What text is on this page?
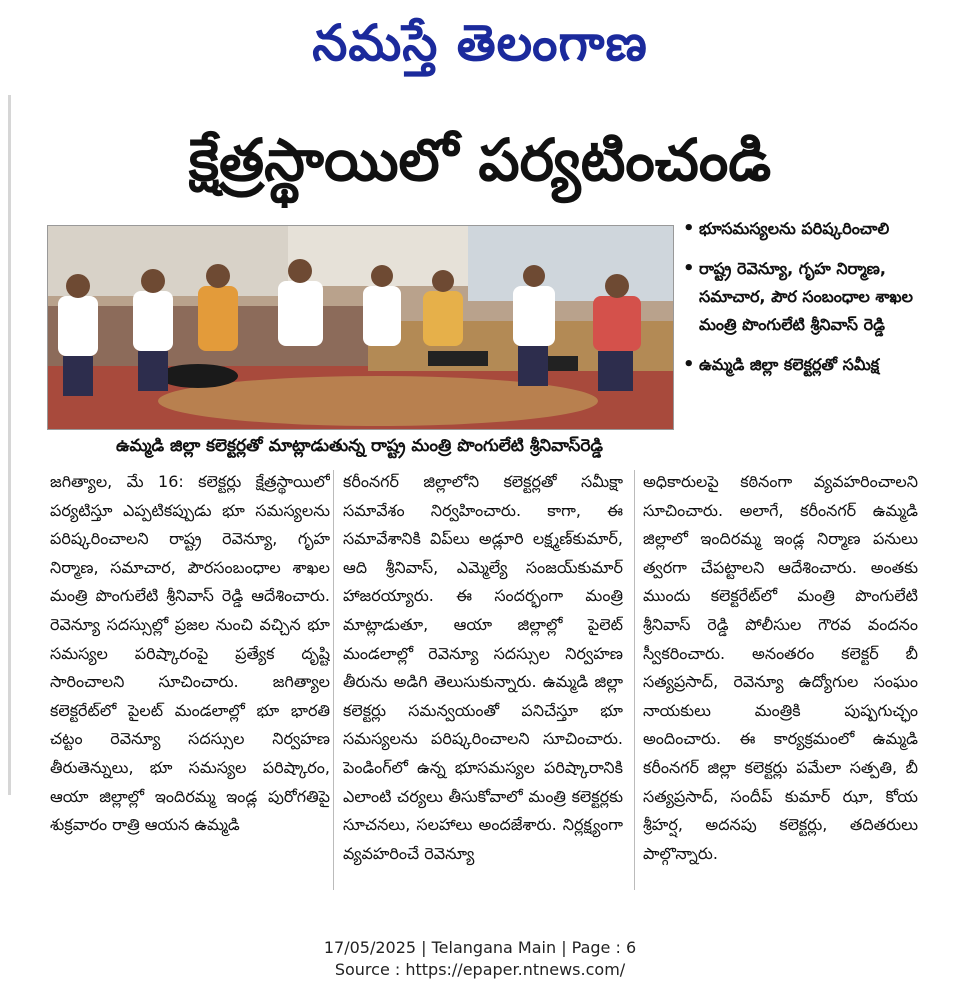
నమస్తే తెలంగాణ
క్షేత్రస్థాయిలో పర్యటించండి
ఉమ్మడి జిల్లా కలెక్టర్లతో మాట్లాడుతున్న రాష్ట్ర మంత్రి పొంగులేటి శ్రీనివాస్‌రెడ్డి
• భూసమస్యలను పరిష్కరించాలి
• రాష్ట్ర రెవెన్యూ, గృహ నిర్మాణ, సమాచార, పౌర సంబంధాల శాఖల మంత్రి పొంగులేటి శ్రీనివాస్ రెడ్డి
• ఉమ్మడి జిల్లా కలెక్టర్లతో సమీక్ష
జగిత్యాల, మే 16: కలెక్టర్లు క్షేత్రస్థాయిలో పర్యటిస్తూ ఎప్పటికప్పుడు భూ సమస్యలను పరిష్కరించాలని రాష్ట్ర రెవెన్యూ, గృహ నిర్మాణ, సమాచార, పౌరసంబంధాల శాఖల మంత్రి పొంగులేటి శ్రీనివాస్ రెడ్డి ఆదేశించారు. రెవెన్యూ సదస్సుల్లో ప్రజల నుంచి వచ్చిన భూ సమస్యల పరిష్కారంపై ప్రత్యేక దృష్టి సారించాలని సూచించారు. జగిత్యాల కలెక్టరేట్‌లో పైలట్ మండలాల్లో భూ భారతి చట్టం రెవెన్యూ సదస్సుల నిర్వహణ తీరుతెన్నులు, భూ సమస్యల పరిష్కారం, ఆయా జిల్లాల్లో ఇందిరమ్మ ఇండ్ల పురోగతిపై శుక్రవారం రాత్రి ఆయన ఉమ్మడి
కరీంనగర్ జిల్లాలోని కలెక్టర్లతో సమీక్షా సమావేశం నిర్వహించారు. కాగా, ఈ సమావేశానికి విప్‌లు అడ్లూరి లక్ష్మణ్‌కుమార్, ఆది శ్రీనివాస్, ఎమ్మెల్యే సంజయ్‌కుమార్ హాజరయ్యారు. ఈ సందర్భంగా మంత్రి మాట్లాడుతూ, ఆయా జిల్లాల్లో పైలెట్ మండలాల్లో రెవెన్యూ సదస్సుల నిర్వహణ తీరును అడిగి తెలుసుకున్నారు. ఉమ్మడి జిల్లా కలెక్టర్లు సమన్వయంతో పనిచేస్తూ భూ సమస్యలను పరిష్కరించాలని సూచించారు. పెండింగ్‌లో ఉన్న భూసమస్యల పరిష్కారానికి ఎలాంటి చర్యలు తీసుకోవాలో మంత్రి కలెక్టర్లకు సూచనలు, సలహాలు అందజేశారు. నిర్లక్ష్యంగా వ్యవహరించే రెవెన్యూ
అధికారులపై కఠినంగా వ్యవహరించాలని సూచించారు. అలాగే, కరీంనగర్ ఉమ్మడి జిల్లాలో ఇందిరమ్మ ఇండ్ల నిర్మాణ పనులు త్వరగా చేపట్టాలని ఆదేశించారు. అంతకు ముందు కలెక్టరేట్‌లో మంత్రి పొంగులేటి శ్రీనివాస్ రెడ్డి పోలీసుల గౌరవ వందనం స్వీకరించారు. అనంతరం కలెక్టర్ బీ సత్యప్రసాద్, రెవెన్యూ ఉద్యోగుల సంఘం నాయకులు మంత్రికి పుష్పగుచ్ఛం అందించారు. ఈ కార్యక్రమంలో ఉమ్మడి కరీంనగర్ జిల్లా కలెక్టర్లు పమేలా సత్పతి, బీ సత్యప్రసాద్, సందీప్ కుమార్ ఝా, కోయ శ్రీహర్ష, అదనపు కలెక్టర్లు, తదితరులు పాల్గొన్నారు.
17/05/2025 | Telangana Main | Page : 6
Source : https://epaper.ntnews.com/
